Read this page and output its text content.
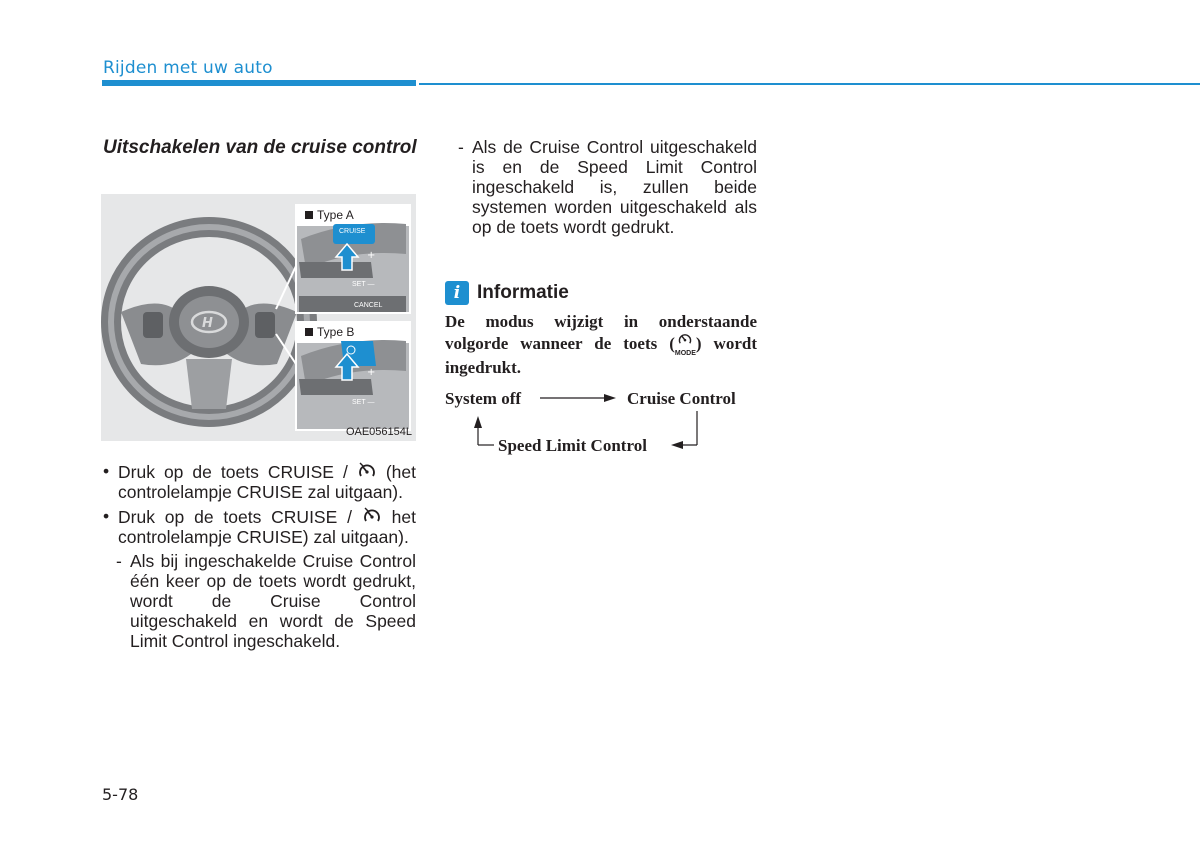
Rijden met uw auto
Uitschakelen van de cruise control
H
+
+
Type A
CRUISE
SET —
CANCEL
Type B
SET —
OAE056154L
• Druk op de toets CRUISE /  (het controlelampje CRUISE zal uitgaan).
• Druk op de toets CRUISE /  het controlelampje CRUISE) zal uitgaan).
- Als bij ingeschakelde Cruise Control één keer op de toets wordt gedrukt, wordt de Cruise Control uitgeschakeld en wordt de Speed Limit Control ingeschakeld.
- Als de Cruise Control uitgeschakeld is en de Speed Limit Control ingeschakeld is, zullen beide systemen worden uitgeschakeld als op de toets wordt gedrukt.
i Informatie
De modus wijzigt in onderstaande volgorde wanneer de toets (
MODE) wordt ingedrukt.
System off	Cruise Control
Speed Limit Control
5-78
